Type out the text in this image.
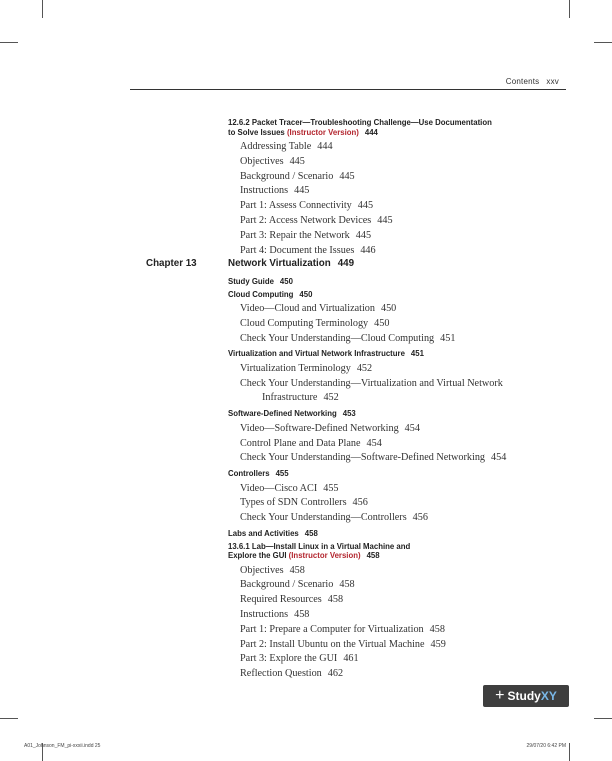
Contents xxv
12.6.2 Packet Tracer—Troubleshooting Challenge—Use Documentation
to Solve Issues (Instructor Version) 444
Addressing Table 444
Objectives 445
Background / Scenario 445
Instructions 445
Part 1: Assess Connectivity 445
Part 2: Access Network Devices 445
Part 3: Repair the Network 445
Part 4: Document the Issues 446
Chapter 13	Network Virtualization 449
Study Guide 450
Cloud Computing 450
Video—Cloud and Virtualization 450
Cloud Computing Terminology 450
Check Your Understanding—Cloud Computing 451
Virtualization and Virtual Network Infrastructure 451
Virtualization Terminology 452
Check Your Understanding—Virtualization and Virtual Network
Infrastructure 452
Software-Defined Networking 453
Video—Software-Defined Networking 454
Control Plane and Data Plane 454
Check Your Understanding—Software-Defined Networking 454
Controllers 455
Video—Cisco ACI 455
Types of SDN Controllers 456
Check Your Understanding—Controllers 456
Labs and Activities 458
13.6.1 Lab—Install Linux in a Virtual Machine and
Explore the GUI (Instructor Version) 458
Objectives 458
Background / Scenario 458
Required Resources 458
Instructions 458
Part 1: Prepare a Computer for Virtualization 458
Part 2: Install Ubuntu on the Virtual Machine 459
Part 3: Explore the GUI 461
Reflection Question 462
+ Study XY
A01_Johnson_FM_pi-xxxii.indd 25	29/07/20 6:42 PM
